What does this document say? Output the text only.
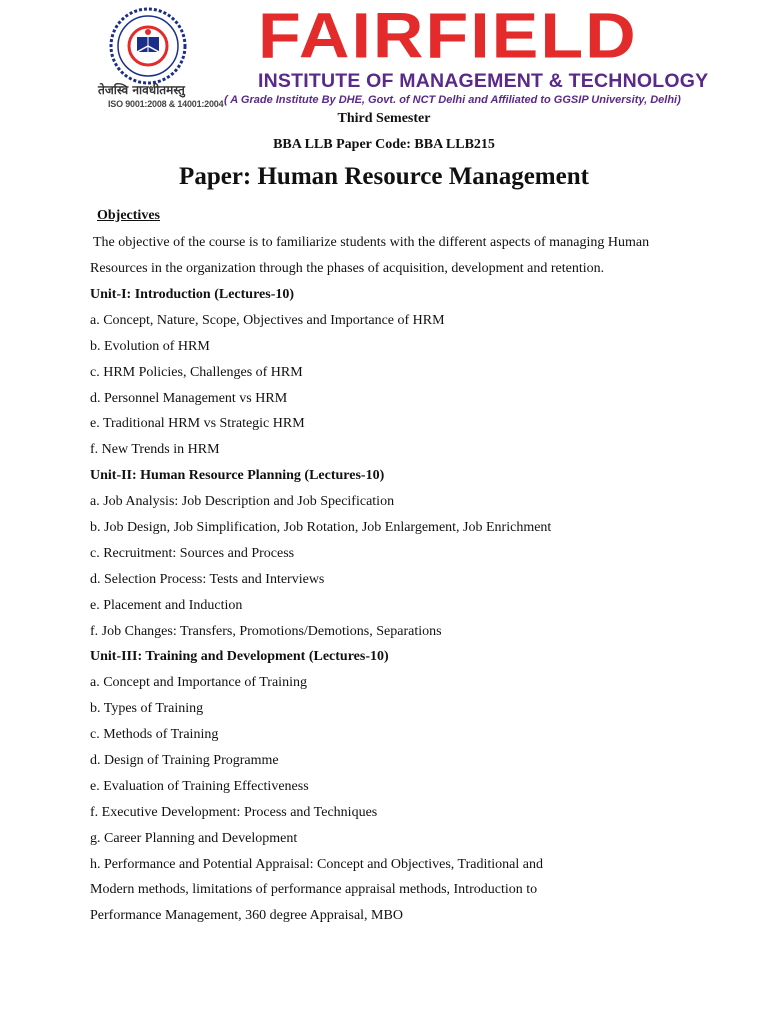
तेजस्वि नावधीतमस्तु
ISO 9001:2008 & 14001:2004
FAIRFIELD
INSTITUTE OF MANAGEMENT & TECHNOLOGY
( A Grade Institute By DHE, Govt. of NCT Delhi and Affiliated to GGSIP University, Delhi)
Third Semester
BBA LLB Paper Code: BBA LLB215
Paper: Human Resource Management
Objectives
The objective of the course is to familiarize students with the different aspects of managing Human
Resources in the organization through the phases of acquisition, development and retention.
Unit-I: Introduction (Lectures-10)
a. Concept, Nature, Scope, Objectives and Importance of HRM
b. Evolution of HRM
c. HRM Policies, Challenges of HRM
d. Personnel Management vs HRM
e. Traditional HRM vs Strategic HRM
f. New Trends in HRM
Unit-II: Human Resource Planning (Lectures-10)
a. Job Analysis: Job Description and Job Specification
b. Job Design, Job Simplification, Job Rotation, Job Enlargement, Job Enrichment
c. Recruitment: Sources and Process
d. Selection Process: Tests and Interviews
e. Placement and Induction
f. Job Changes: Transfers, Promotions/Demotions, Separations
Unit-III: Training and Development (Lectures-10)
a. Concept and Importance of Training
b. Types of Training
c. Methods of Training
d. Design of Training Programme
e. Evaluation of Training Effectiveness
f. Executive Development: Process and Techniques
g. Career Planning and Development
h. Performance and Potential Appraisal: Concept and Objectives, Traditional and
Modern methods, limitations of performance appraisal methods, Introduction to
Performance Management, 360 degree Appraisal, MBO
